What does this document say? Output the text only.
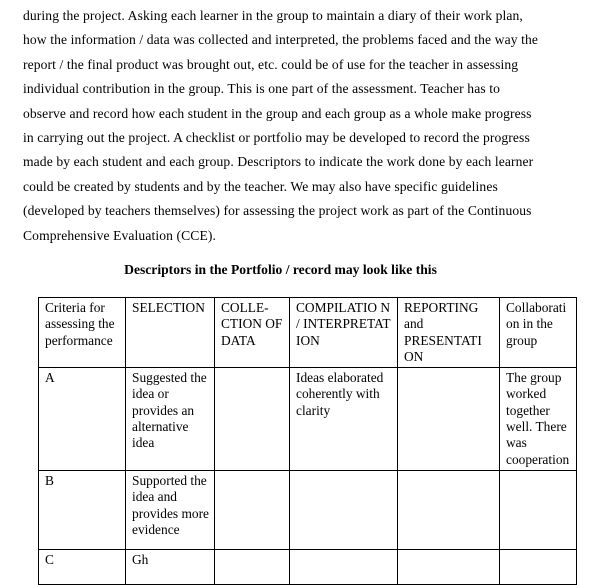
during the project. Asking each learner in the group to maintain a diary of their work plan,
how the information / data was collected and interpreted, the problems faced and the way the
report / the final product was brought out, etc. could be of use for the teacher in assessing
individual contribution in the group. This is one part of the assessment. Teacher has to
observe and record how each student in the group and each group as a whole make progress
in carrying out the project. A checklist or portfolio may be developed to record the progress
made by each student and each group. Descriptors to indicate the work done by each learner
could be created by students and by the teacher. We may also have specific guidelines
(developed by teachers themselves) for assessing the project work as part of the Continuous
Comprehensive Evaluation (CCE).
Descriptors in the Portfolio / record may look like this
Criteria for assessing the performance	SELECTION	COLLE-CTION OF DATA	COMPILATIO N / INTERPRETAT ION	REPORTING and PRESENTATI ON	Collaborati on in the group
A	Suggested the idea or provides an alternative idea		Ideas elaborated coherently with clarity		The group worked together well. There was cooperation
B	Supported the idea and provides more evidence				
C	Gh				
